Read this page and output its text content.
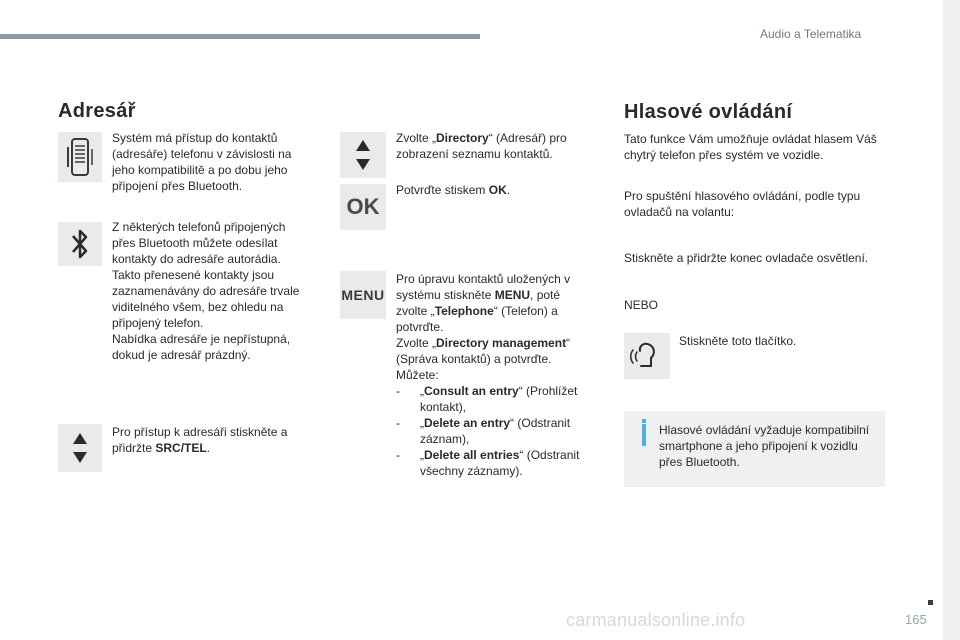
Audio a Telematika
Adresář

Systém má přístup do kontaktů (adresáře) telefonu v závislosti na jeho kompatibilitě a po dobu jeho připojení přes Bluetooth.

Z některých telefonů připojených přes Bluetooth můžete odesílat kontakty do adresáře autorádia. Takto přenesené kontakty jsou zaznamenávány do adresáře trvale viditelného všem, bez ohledu na připojený telefon.
Nabídka adresáře je nepřístupná, dokud je adresář prázdný.

Pro přístup k adresáři stiskněte a přidržte SRC/TEL.

Zvolte „Directory“ (Adresář) pro zobrazení seznamu kontaktů.

OK

Potvrďte stiskem OK.

MENU
Pro úpravu kontaktů uložených v systému stiskněte MENU, poté zvolte „Telephone“ (Telefon) a potvrďte.
Zvolte „Directory management“ (Správa kontaktů) a potvrďte.
Můžete:
- „Consult an entry“ (Prohlížet kontakt),
- „Delete an entry“ (Odstranit záznam),
- „Delete all entries“ (Odstranit všechny záznamy).
Hlasové ovládání

Tato funkce Vám umožňuje ovládat hlasem Váš chytrý telefon přes systém ve vozidle.

Pro spuštění hlasového ovládání, podle typu ovladačů na volantu:

Stiskněte a přidržte konec ovladače osvětlení.

NEBO

Stiskněte toto tlačítko.

Hlasové ovládání vyžaduje kompatibilní smartphone a jeho připojení k vozidlu přes Bluetooth.

165
carmanualsonline.info
